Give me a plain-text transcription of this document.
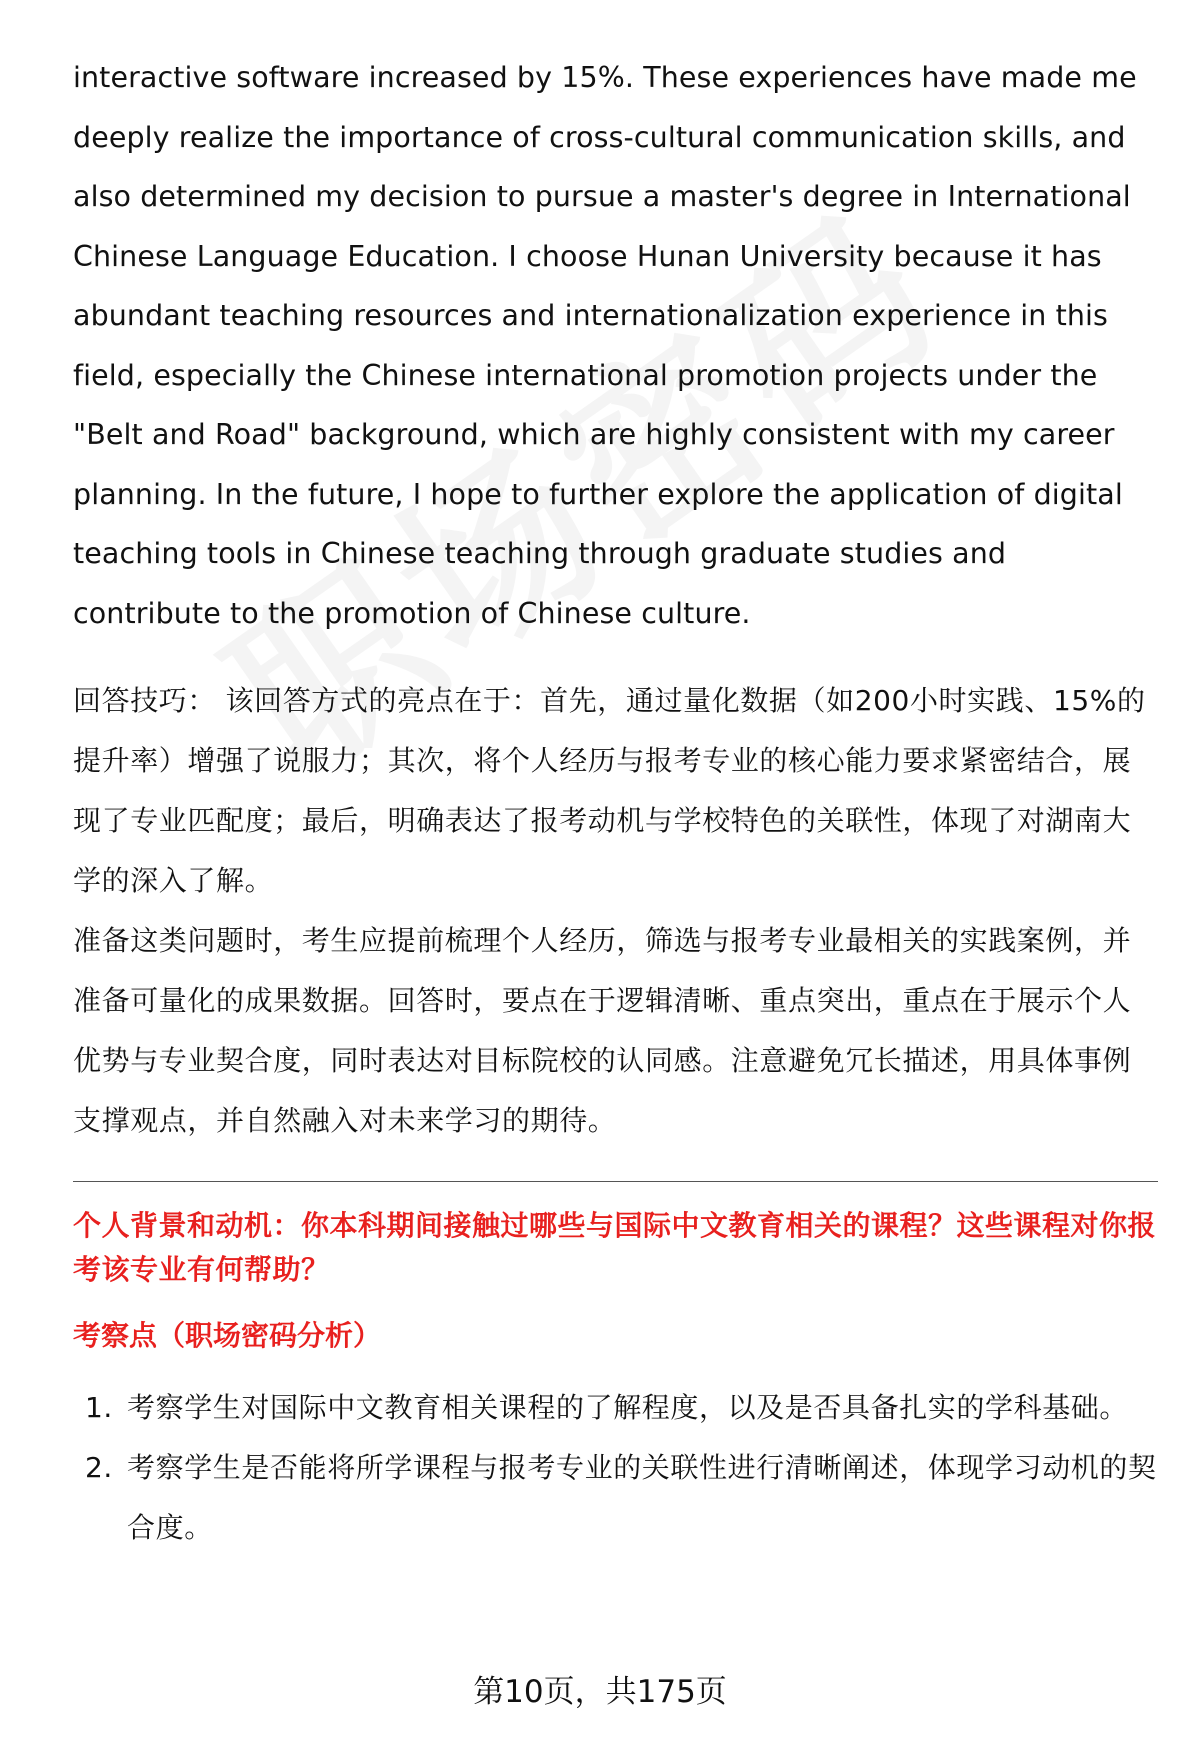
interactive software increased by 15%. These experiences have made me deeply realize the importance of cross-cultural communication skills, and also determined my decision to pursue a master's degree in International Chinese Language Education. I choose Hunan University because it has abundant teaching resources and internationalization experience in this field, especially the Chinese international promotion projects under the "Belt and Road" background, which are highly consistent with my career planning. In the future, I hope to further explore the application of digital teaching tools in Chinese teaching through graduate studies and contribute to the promotion of Chinese culture.

回答技巧： 该回答方式的亮点在于：首先，通过量化数据（如200小时实践、15%的提升率）增强了说服力；其次，将个人经历与报考专业的核心能力要求紧密结合，展现了专业匹配度；最后，明确表达了报考动机与学校特色的关联性，体现了对湖南大学的深入了解。

准备这类问题时，考生应提前梳理个人经历，筛选与报考专业最相关的实践案例，并准备可量化的成果数据。回答时，要点在于逻辑清晰、重点突出，重点在于展示个人优势与专业契合度，同时表达对目标院校的认同感。注意避免冗长描述，用具体事例支撑观点，并自然融入对未来学习的期待。

个人背景和动机：你本科期间接触过哪些与国际中文教育相关的课程？这些课程对你报考该专业有何帮助？

考察点（职场密码分析）
1. 考察学生对国际中文教育相关课程的了解程度，以及是否具备扎实的学科基础。
2. 考察学生是否能将所学课程与报考专业的关联性进行清晰阐述，体现学习动机的契合度。
第10页，共175页
